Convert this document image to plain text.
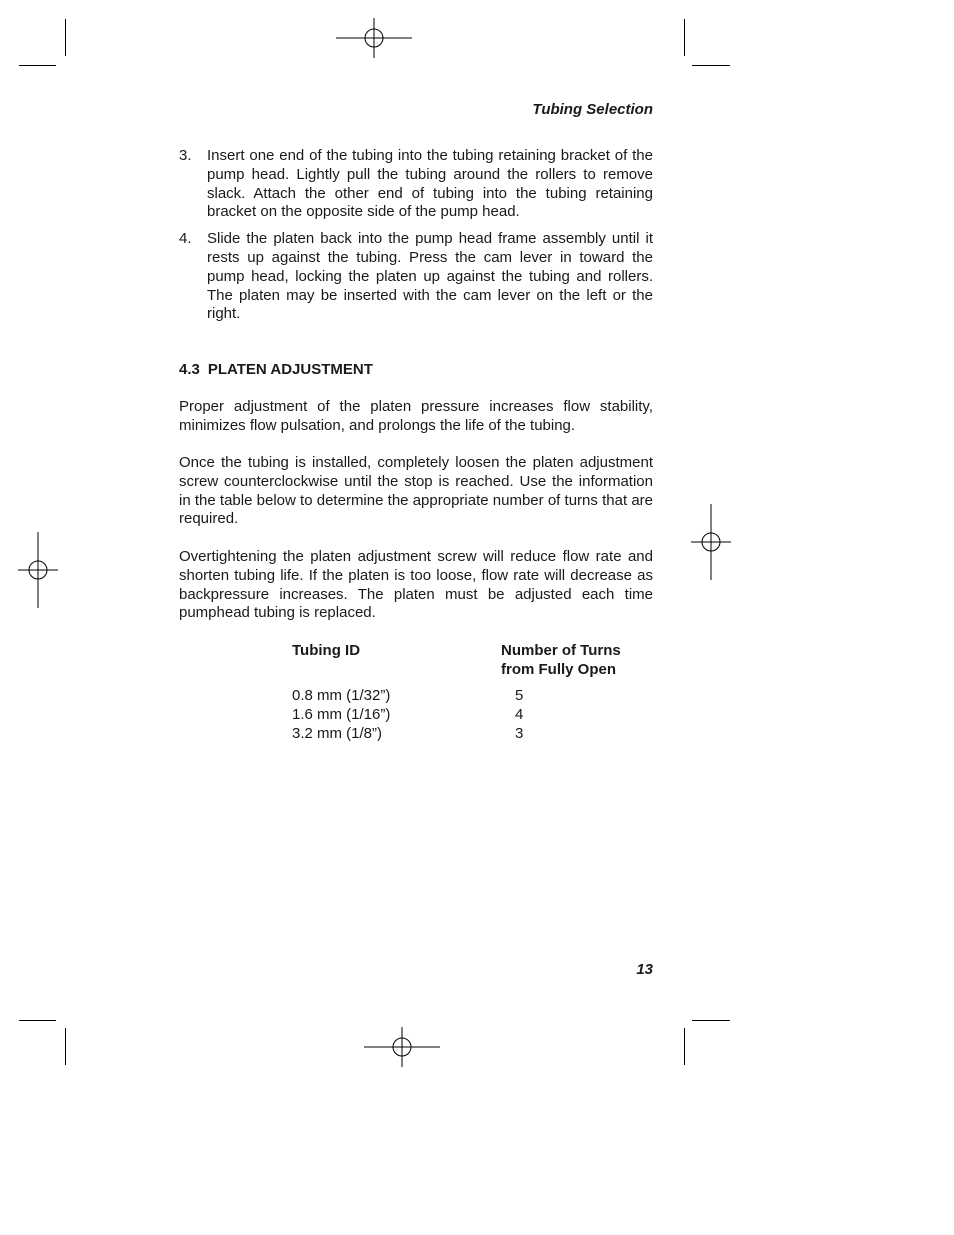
Tubing Selection
3. Insert one end of the tubing into the tubing retaining bracket of the pump head. Lightly pull the tubing around the rollers to remove slack. Attach the other end of tubing into the tubing retaining bracket on the opposite side of the pump head.
4. Slide the platen back into the pump head frame assembly until it rests up against the tubing. Press the cam lever in toward the pump head, locking the platen up against the tubing and rollers. The platen may be inserted with the cam lever on the left or the right.
4.3 PLATEN ADJUSTMENT

Proper adjustment of the platen pressure increases flow stability, minimizes flow pulsation, and prolongs the life of the tubing.

Once the tubing is installed, completely loosen the platen adjustment screw counterclockwise until the stop is reached. Use the information in the table below to determine the appropriate number of turns that are required.

Overtightening the platen adjustment screw will reduce flow rate and shorten tubing life. If the platen is too loose, flow rate will decrease as backpressure increases. The platen must be adjusted each time pumphead tubing is replaced.

Tubing ID	Number of Turns
from Fully Open
0.8 mm (1/32”)	5
1.6 mm (1/16”)	4
3.2 mm (1/8”)	3
13
